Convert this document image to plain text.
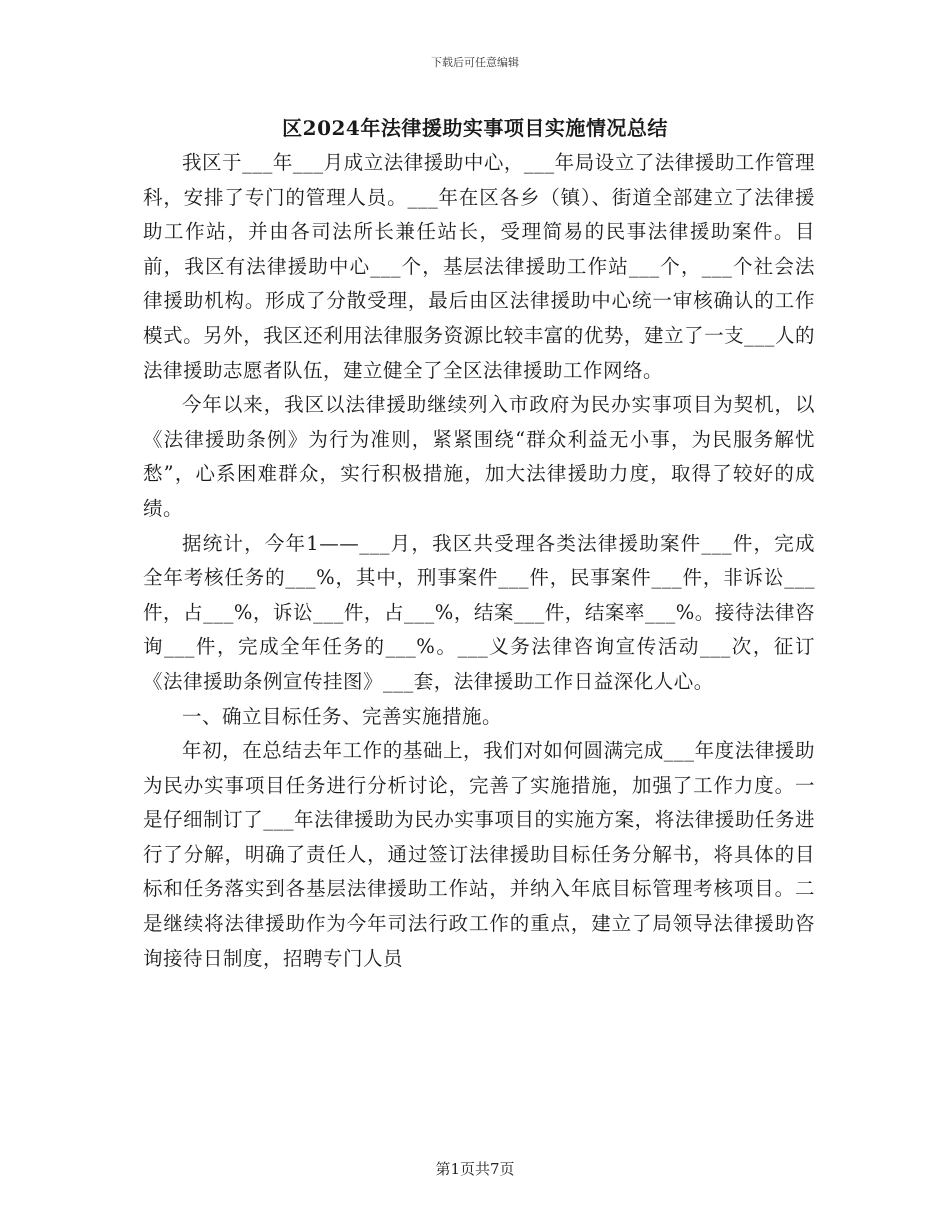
下载后可任意编辑
区2024年法律援助实事项目实施情况总结

我区于___年___月成立法律援助中心，___年局设立了法律援助工作管理科，安排了专门的管理人员。___年在区各乡（镇）、街道全部建立了法律援助工作站，并由各司法所长兼任站长，受理简易的民事法律援助案件。目前，我区有法律援助中心___个，基层法律援助工作站___个，___个社会法律援助机构。形成了分散受理，最后由区法律援助中心统一审核确认的工作模式。另外，我区还利用法律服务资源比较丰富的优势，建立了一支___人的法律援助志愿者队伍，建立健全了全区法律援助工作网络。

今年以来，我区以法律援助继续列入市政府为民办实事项目为契机，以《法律援助条例》为行为准则，紧紧围绕“群众利益无小事，为民服务解忧愁”，心系困难群众，实行积极措施，加大法律援助力度，取得了较好的成绩。

据统计，今年1——___月，我区共受理各类法律援助案件___件，完成全年考核任务的___%，其中，刑事案件___件，民事案件___件，非诉讼___件，占___%，诉讼___件，占___%，结案___件，结案率___%。接待法律咨询___件，完成全年任务的___%。___义务法律咨询宣传活动___次，征订《法律援助条例宣传挂图》___套，法律援助工作日益深化人心。

一、确立目标任务、完善实施措施。

年初，在总结去年工作的基础上，我们对如何圆满完成___年度法律援助为民办实事项目任务进行分析讨论，完善了实施措施，加强了工作力度。一是仔细制订了___年法律援助为民办实事项目的实施方案，将法律援助任务进行了分解，明确了责任人，通过签订法律援助目标任务分解书，将具体的目标和任务落实到各基层法律援助工作站，并纳入年底目标管理考核项目。二是继续将法律援助作为今年司法行政工作的重点，建立了局领导法律援助咨询接待日制度，招聘专门人员

第1页共7页
